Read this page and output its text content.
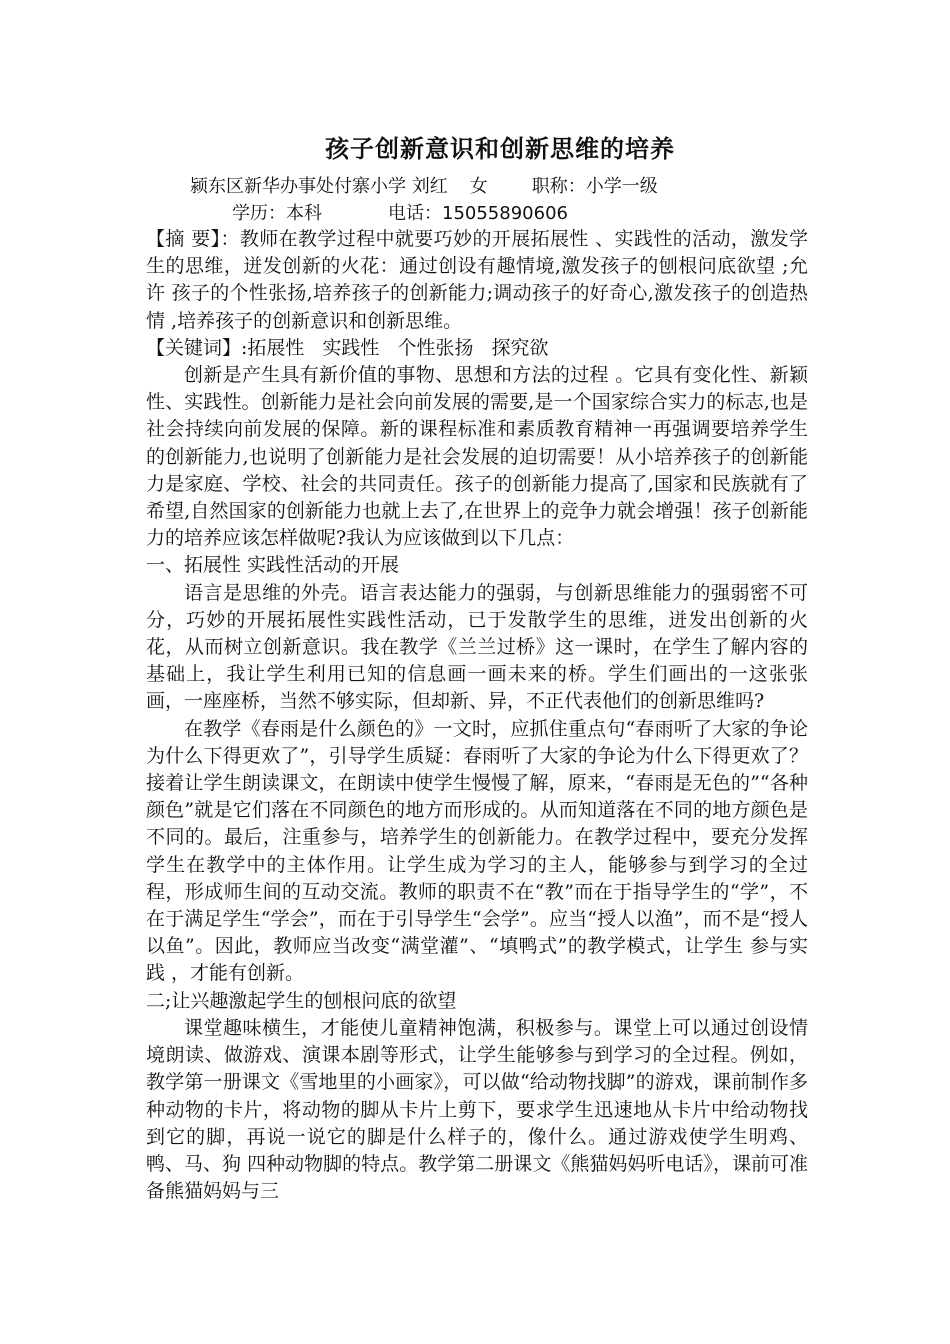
孩子创新意识和创新思维的培养
颍东区新华办事处付寨小学 刘红 女 职称：小学一级
学历：本科	电话：15055890606

【摘 要】：教师在教学过程中就要巧妙的开展拓展性 、实践性的活动，激发学生的思维，迸发创新的火花：通过创设有趣情境,激发孩子的刨根问底欲望 ;允许 孩子的个性张扬,培养孩子的创新能力;调动孩子的好奇心,激发孩子的创造热情 ,培养孩子的创新意识和创新思维。

【关键词】:拓展性 实践性 个性张扬 探究欲

创新是产生具有新价值的事物、思想和方法的过程 。它具有变化性、新颖性、实践性。创新能力是社会向前发展的需要,是一个国家综合实力的标志,也是社会持续向前发展的保障。新的课程标准和素质教育精神一再强调要培养学生的创新能力,也说明了创新能力是社会发展的迫切需要！从小培养孩子的创新能力是家庭、学校、社会的共同责任。孩子的创新能力提高了,国家和民族就有了希望,自然国家的创新能力也就上去了,在世界上的竞争力就会增强！孩子创新能力的培养应该怎样做呢?我认为应该做到以下几点：

一、拓展性 实践性活动的开展

语言是思维的外壳。语言表达能力的强弱，与创新思维能力的强弱密不可分，巧妙的开展拓展性实践性活动，已于发散学生的思维，迸发出创新的火花，从而树立创新意识。我在教学《兰兰过桥》这一课时，在学生了解内容的基础上，我让学生利用已知的信息画一画未来的桥。学生们画出的一这张张画，一座座桥，当然不够实际，但却新、异，不正代表他们的创新思维吗?

在教学《春雨是什么颜色的》一文时，应抓住重点句“春雨听了大家的争论为什么下得更欢了”，引导学生质疑：春雨听了大家的争论为什么下得更欢了？接着让学生朗读课文，在朗读中使学生慢慢了解，原来，“春雨是无色的”“各种颜色”就是它们落在不同颜色的地方而形成的。从而知道落在不同的地方颜色是不同的。最后，注重参与，培养学生的创新能力。在教学过程中，要充分发挥学生在教学中的主体作用。让学生成为学习的主人，能够参与到学习的全过程，形成师生间的互动交流。教师的职责不在“教”而在于指导学生的“学”，不在于满足学生“学会”，而在于引导学生“会学”。应当“授人以渔”，而不是“授人以鱼”。因此，教师应当改变“满堂灌”、“填鸭式”的教学模式，让学生 参与实践 ，才能有创新。

二;让兴趣激起学生的刨根问底的欲望

课堂趣味横生，才能使儿童精神饱满，积极参与。课堂上可以通过创设情境朗读、做游戏、演课本剧等形式，让学生能够参与到学习的全过程。例如，教学第一册课文《雪地里的小画家》，可以做“给动物找脚”的游戏，课前制作多种动物的卡片，将动物的脚从卡片上剪下，要求学生迅速地从卡片中给动物找到它的脚，再说一说它的脚是什么样子的，像什么。通过游戏使学生明鸡、鸭、马、狗 四种动物脚的特点。教学第二册课文《熊猫妈妈听电话》，课前可准备熊猫妈妈与三
